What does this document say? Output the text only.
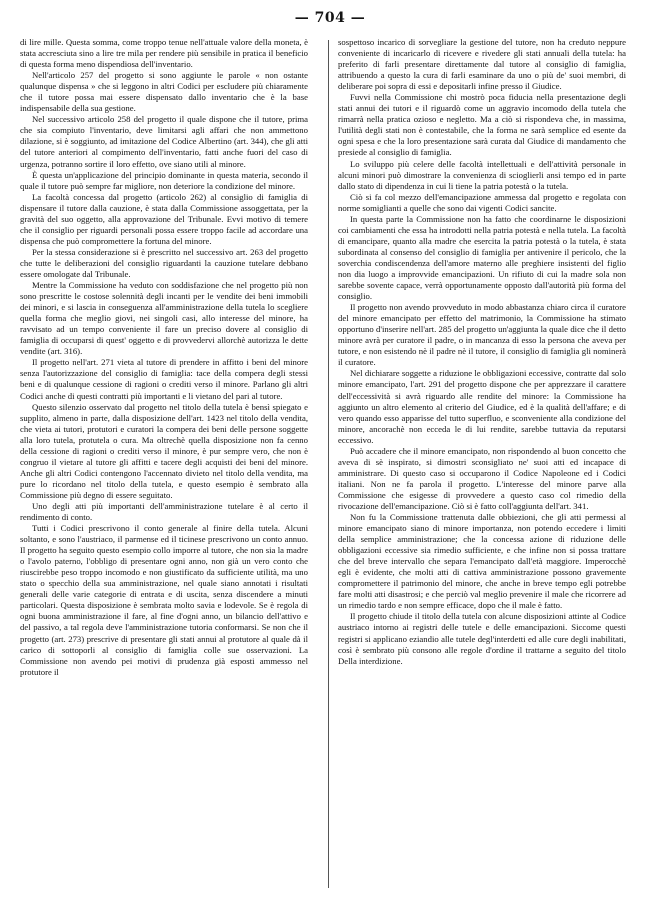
— 704 —

di lire mille. Questa somma, come troppo tenue nell'attuale valore della moneta, è stata accresciuta sino a lire tre mila per rendere più sensibile in pratica il beneficio di questa forma meno dispendiosa dell'inventario.

Nell'articolo 257 del progetto si sono aggiunte le parole « non ostante qualunque dispensa » che si leggono in altri Codici per escludere più chiaramente che il tutore possa mai essere dispensato dallo inventario che è la base indispensabile della sua gestione.

Nel successivo articolo 258 del progetto il quale dispone che il tutore, prima che sia compiuto l'inventario, deve limitarsi agli affari che non ammettono dilazione, si è soggiunto, ad imitazione del Codice Albertino (art. 344), che gli atti del tutore anteriori al compimento dell'inventario, fatti anche fuori del caso di urgenza, potranno sortire il loro effetto, ove siano utili al minore.

È questa un'applicazione del principio dominante in questa materia, secondo il quale il tutore può sempre far migliore, non deteriore la condizione del minore.

La facoltà concessa dal progetto (articolo 262) al consiglio di famiglia di dispensare il tutore dalla cauzione, è stata dalla Commissione assoggettata, per la gravità del suo oggetto, alla approvazione del Tribunale. Evvi motivo di temere che il consiglio per riguardi personali possa essere troppo facile ad accordare una dispensa che può compromettere la fortuna del minore.

Per la stessa considerazione si è prescritto nel successivo art. 263 del progetto che tutte le deliberazioni del consiglio riguardanti la cauzione tutelare debbano essere omologate dal Tribunale.

Mentre la Commissione ha veduto con soddisfazione che nel progetto più non sono prescritte le costose solennità degli incanti per le vendite dei beni immobili dei minori, e si lascia in conseguenza all'amministrazione della tutela lo scegliere quella forma che meglio giovi, nei singoli casi, allo interesse del minore, ha ravvisato ad un tempo conveniente il fare un preciso dovere al consiglio di famiglia di occuparsi di quest' oggetto e di provvedervi allorchè autorizza le dette vendite (art. 316).

Il progetto nell'art. 271 vieta al tutore di prendere in affitto i beni del minore senza l'autorizzazione del consiglio di famiglia: tace della compera degli stessi beni e di qualunque cessione di ragioni o crediti verso il minore. Parlano gli altri Codici anche di questi contratti più importanti e li vietano del pari al tutore.

Questo silenzio osservato dal progetto nel titolo della tutela è bensì spiegato e supplito, almeno in parte, dalla disposizione dell'art. 1423 nel titolo della vendita, che vieta ai tutori, protutori e curatori la compera dei beni delle persone soggette alla loro tutela, protutela o cura. Ma oltrechè quella disposizione non fa cenno della cessione di ragioni o crediti verso il minore, è pur sempre vero, che non è congruo il vietare al tutore gli affitti e tacere degli acquisti dei beni del minore. Anche gli altri Codici contengono l'accennato divieto nel titolo della vendita, ma pure lo ricordano nel titolo della tutela, e questo esempio è sembrato alla Commissione più degno di essere seguitato.

Uno degli atti più importanti dell'amministrazione tutelare è al certo il rendimento di conto.

Tutti i Codici prescrivono il conto generale al finire della tutela. Alcuni soltanto, e sono l'austriaco, il parmense ed il ticinese prescrivono un conto annuo. Il progetto ha seguito questo esempio collo imporre al tutore, che non sia la madre o l'avolo paterno, l'obbligo di presentare ogni anno, non già un vero conto che riuscirebbe peso troppo incomodo e non giustificato da sufficiente utilità, ma uno stato o specchio della sua amministrazione, nel quale siano annotati i risultati generali delle varie categorie di entrata e di uscita, senza discendere a minuti particolari. Questa disposizione è sembrata molto savia e lodevole. Se è regola di ogni buona amministrazione il fare, al fine d'ogni anno, un bilancio dell'attivo e del passivo, a tal regola deve l'amministrazione tutoria conformarsi. Se non che il progetto (art. 273) prescrive di presentare gli stati annui al protutore al quale dà il carico di sottoporli al consiglio di famiglia colle sue osservazioni. La Commissione non avendo pei motivi di prudenza già esposti ammesso nel protutore il

sospettoso incarico di sorvegliare la gestione del tutore, non ha creduto neppure conveniente di incaricarlo di ricevere e rivedere gli stati annuali della tutela: ha preferito di farli presentare direttamente dal tutore al consiglio di famiglia, attribuendo a questo la cura di farli esaminare da uno o più de' suoi membri, di deliberare poi sopra di essi e depositarli infine presso il Giudice.

Fuvvi nella Commissione chi mostrò poca fiducia nella presentazione degli stati annui dei tutori e il riguardò come un aggravio incomodo della tutela che rimarrà nella pratica ozioso e negletto. Ma a ciò si rispondeva che, in massima, l'utilità degli stati non è contestabile, che la forma ne sarà semplice ed esente da ogni spesa e che la loro presentazione sarà curata dal Giudice di mandamento che presiede al consiglio di famiglia.

Lo sviluppo più celere delle facoltà intellettuali e dell'attività personale in alcuni minori può dimostrare la convenienza di scioglierli ansi tempo ed in parte dallo stato di dipendenza in cui li tiene la patria potestà o la tutela.

Ciò si fa col mezzo dell'emancipazione ammessa dal progetto e regolata con norme somiglianti a quelle che sono dai vigenti Codici sancite.

In questa parte la Commissione non ha fatto che coordinarne le disposizioni coi cambiamenti che essa ha introdotti nella patria potestà e nella tutela. La facoltà di emancipare, quanto alla madre che esercita la patria potestà o la tutela, è stata subordinata al consenso del consiglio di famiglia per antivenire il pericolo, che la soverchia condiscendenza dell'amore materno alle preghiere insistenti del figlio non dia luogo a improvvide emancipazioni. Un rifiuto di cui la madre sola non sarebbe sovente capace, verrà opportunamente opposto dall'autorità più forma del consiglio.

Il progetto non avendo provveduto in modo abbastanza chiaro circa il curatore del minore emancipato per effetto del matrimonio, la Commissione ha stimato opportuno d'inserire nell'art. 285 del progetto un'aggiunta la quale dice che il detto minore avrà per curatore il padre, o in mancanza di esso la persona che aveva per tutore, e non esistendo nè il padre nè il tutore, il consiglio di famiglia gli nominerà il curatore.

Nel dichiarare soggette a riduzione le obbligazioni eccessive, contratte dal solo minore emancipato, l'art. 291 del progetto dispone che per apprezzare il carattere dell'eccessività si avrà riguardo alle rendite del minore: la Commissione ha aggiunto un altro elemento al criterio del Giudice, ed è la qualità dell'affare; e di vero quando esso apparisse del tutto superfluo, e sconveniente alla condizione del minore, ancorachè non ecceda le di lui rendite, sarebbe tuttavia da reputarsi eccessivo.

Può accadere che il minore emancipato, non rispondendo al buon concetto che aveva di sè inspirato, si dimostri sconsigliato ne' suoi atti ed incapace di amministrare. Di questo caso si occuparono il Codice Napoleone ed i Codici italiani. Non ne fa parola il progetto. L'interesse del minore parve alla Commissione che esigesse di provvedere a questo caso col rimedio della rivocazione dell'emancipazione. Ciò si è fatto coll'aggiunta dell'art. 341.

Non fu la Commissione trattenuta dalle obbiezioni, che gli atti permessi al minore emancipato siano di minore importanza, non potendo eccedere i limiti della semplice amministrazione; che la concessa azione di riduzione delle obbligazioni eccessive sia rimedio sufficiente, e che infine non si possa trattare che del breve intervallo che separa l'emancipato dall'età maggiore. Imperocchè egli è evidente, che molti atti di cattiva amministrazione possono gravemente compromettere il patrimonio del minore, che anche in breve tempo egli potrebbe fare molti atti disastrosi; e che perciò val meglio prevenire il male che ricorrere ad un rimedio tardo e non sempre efficace, dopo che il male è fatto.

Il progetto chiude il titolo della tutela con alcune disposizioni attinte al Codice austriaco intorno ai registri delle tutele e delle emancipazioni. Siccome questi registri si applicano eziandio alle tutele degl'interdetti ed alle cure degli inabilitati, così è sembrato più consono alle regole d'ordine il trattarne a seguito del titolo Della interdizione.
